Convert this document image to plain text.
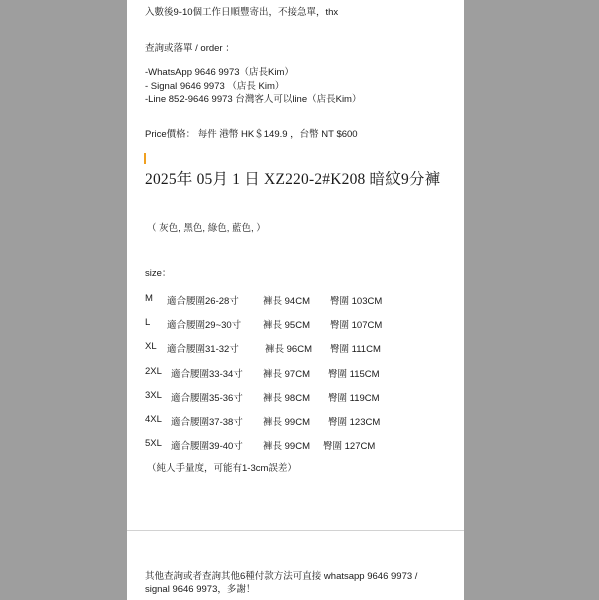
入數後9-10個工作日順豐寄出，不接急單，thx
查詢或落單 / order ：
-WhatsApp 9646 9973（店長Kim）
- Signal 9646 9973 （店長 Kim）
-Line 852-9646 9973 台灣客人可以line（店長Kim）
Price價格： 每件 港幣 HK＄149.9 ，台幣 NT $600
2025年 05月 1 日 XZ220-2#K208 暗紋9分褲
（ 灰色, 黑色, 綠色, 藍色, ）
size：
M 適合腰圍26-28寸	褲長 94CM 臀圍 103CM
L 適合腰圍29~30寸 褲長 95CM 臀圍 107CM
XL 適合腰圍31-32寸	褲長 96CM 臀圍 111CM
2XL 適合腰圍33-34寸 褲長 97CM 臀圍 115CM
3XL 適合腰圍35-36寸 褲長 98CM 臀圍 119CM
4XL 適合腰圍37-38寸 褲長 99CM 臀圍 123CM
5XL 適合腰圍39-40寸 褲長 99CM 臀圍 127CM
（純人手量度，可能有1-3cm誤差）
其他查詢或者查詢其他6種付款方法可直接 whatsapp 9646 9973 /
signal 9646 9973，多謝！
